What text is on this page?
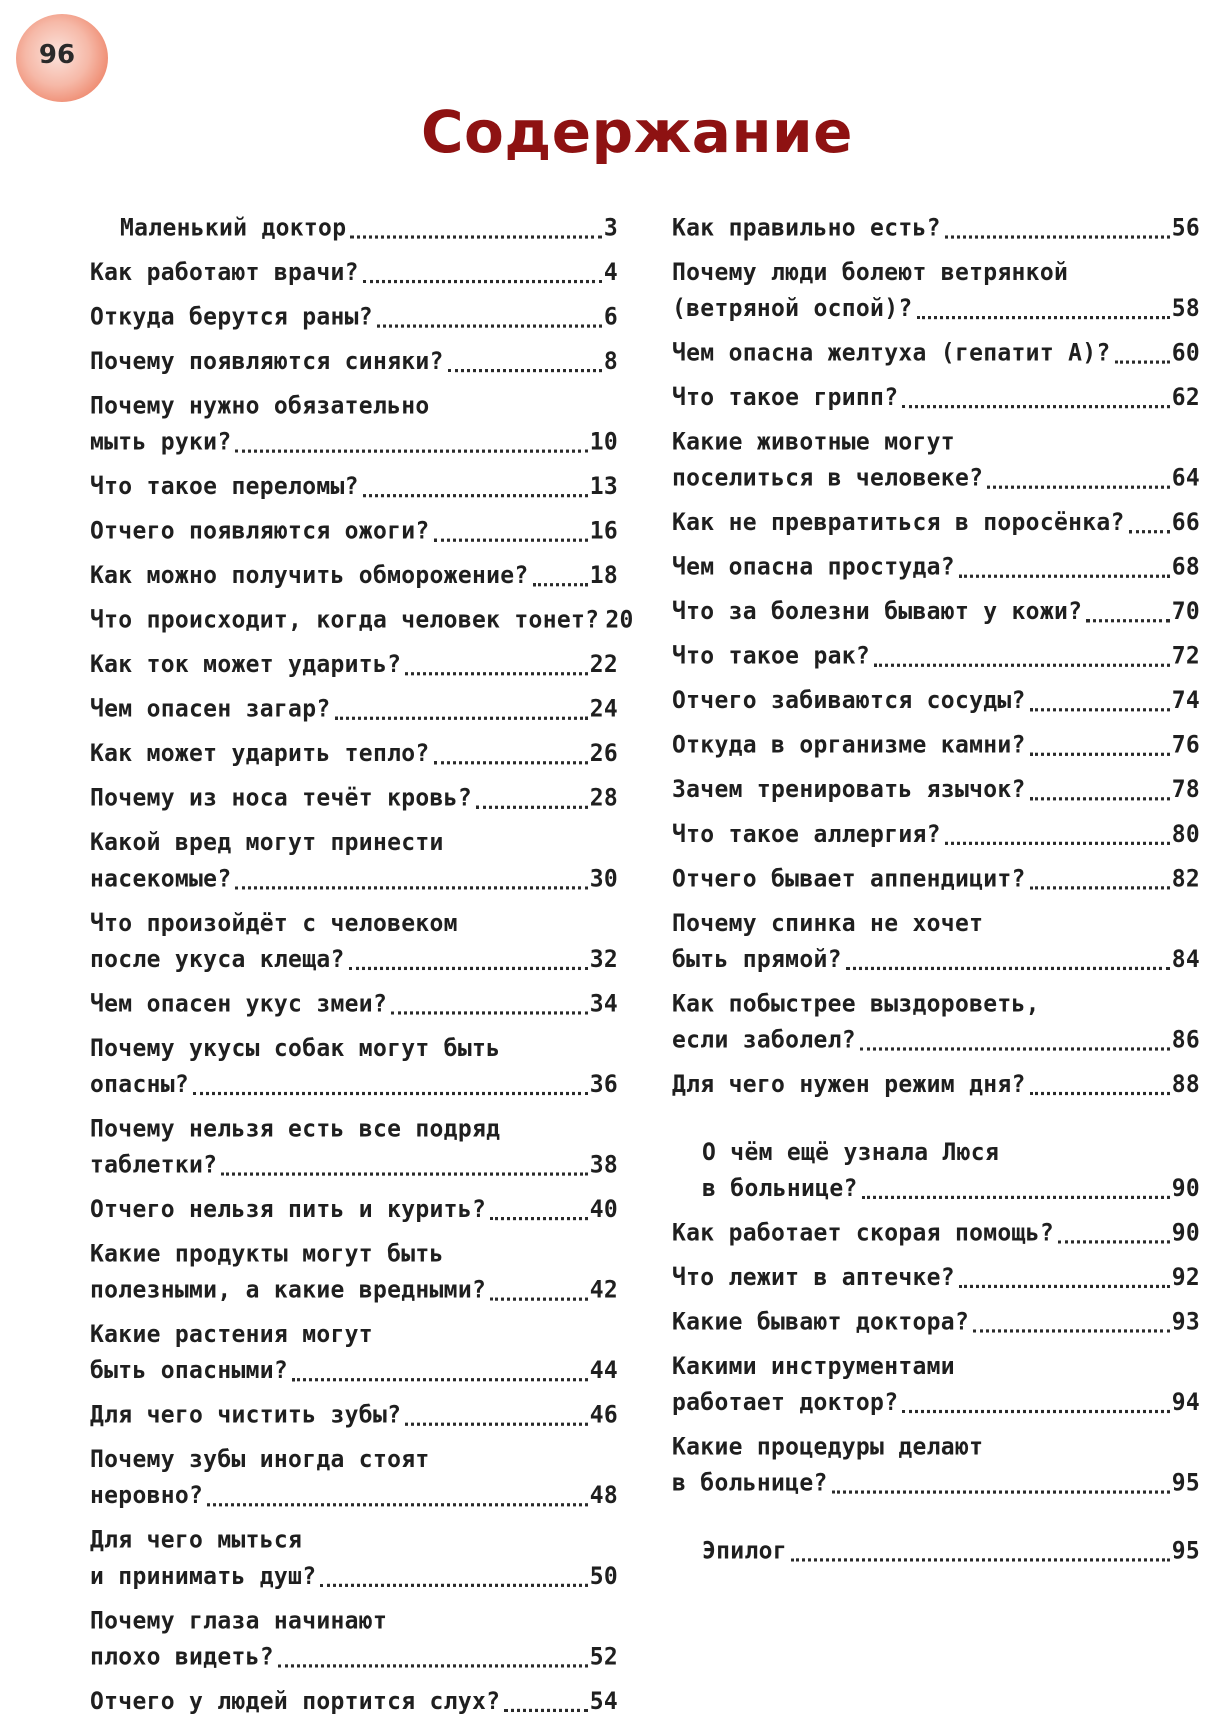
96
Содержание
Маленький доктор	3
Как работают врачи?	4
Откуда берутся раны?	6
Почему появляются синяки?	8
Почему нужно обязательно
мыть руки?	10
Что такое переломы?	13
Отчего появляются ожоги?	16
Как можно получить обморожение?	18
Что происходит, когда человек тонет? 20
Как ток может ударить?	22
Чем опасен загар?	24
Как может ударить тепло?	26
Почему из носа течёт кровь?	28
Какой вред могут принести
насекомые?	30
Что произойдёт с человеком
после укуса клеща?	32
Чем опасен укус змеи?	34
Почему укусы собак могут быть
опасны?	36
Почему нельзя есть все подряд
таблетки?	38
Отчего нельзя пить и курить?	40
Какие продукты могут быть
полезными, а какие вредными?	42
Какие растения могут
быть опасными?	44
Для чего чистить зубы?	46
Почему зубы иногда стоят
неровно?	48
Для чего мыться
и принимать душ?	50
Почему глаза начинают
плохо видеть?	52
Отчего у людей портится слух?	54
Как правильно есть?	56
Почему люди болеют ветрянкой
(ветряной оспой)?	58
Чем опасна желтуха (гепатит А)?	60
Что такое грипп?	62
Какие животные могут
поселиться в человеке?	64
Как не превратиться в поросёнка? 66
Чем опасна простуда?	68
Что за болезни бывают у кожи?	70
Что такое рак?	72
Отчего забиваются сосуды?	74
Откуда в организме камни?	76
Зачем тренировать язычок?	78
Что такое аллергия?	80
Отчего бывает аппендицит?	82
Почему спинка не хочет
быть прямой?	84
Как побыстрее выздороветь,
если заболел?	86
Для чего нужен режим дня?	88
О чём ещё узнала Люся
в больнице?	90
Как работает скорая помощь?	90
Что лежит в аптечке?	92
Какие бывают доктора?	93
Какими инструментами
работает доктор?	94
Какие процедуры делают
в больнице?	95
Эпилог	95
